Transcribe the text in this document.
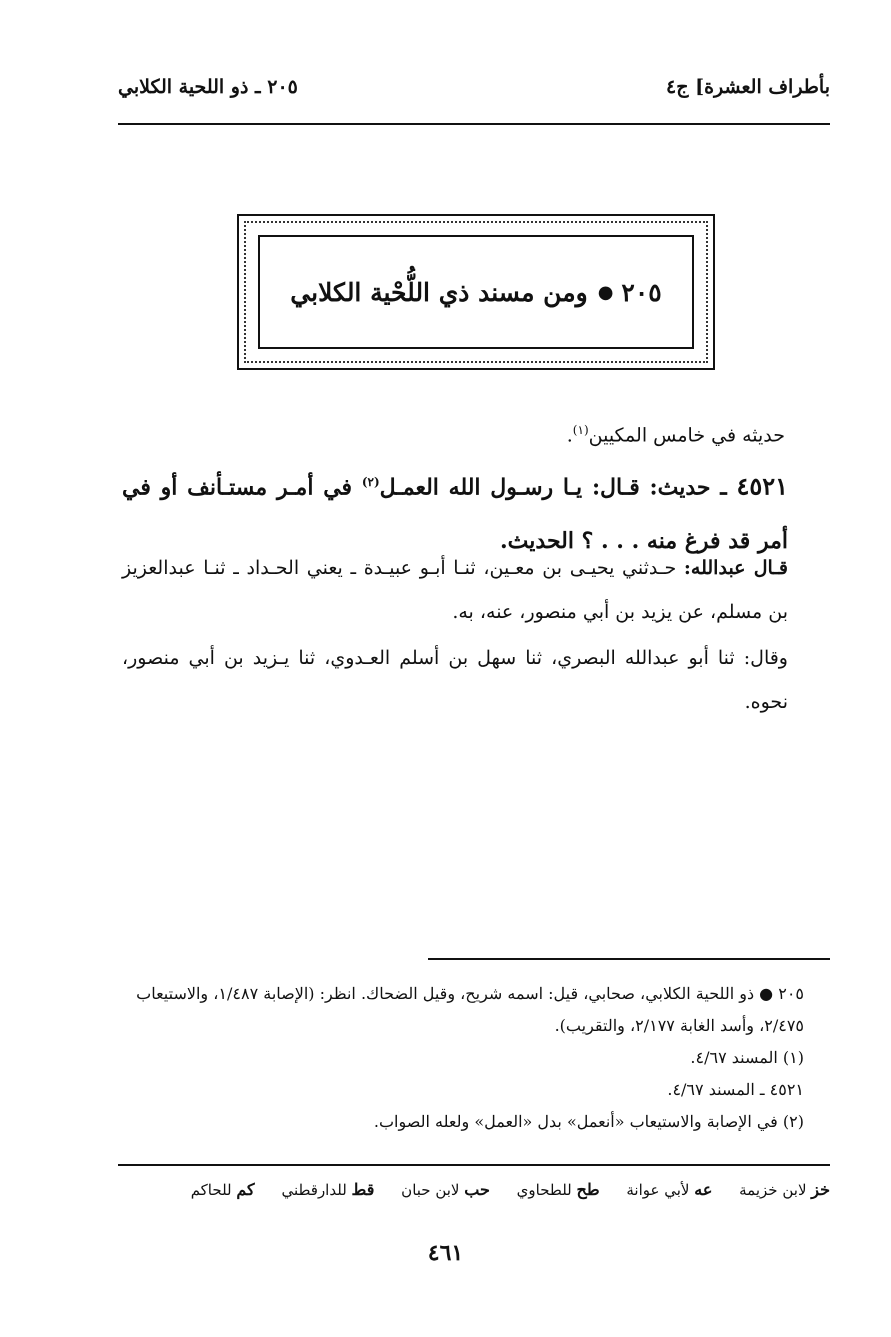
بأطراف العشرة] ج٤
٢٠٥ ـ ذو اللحية الكلابي
٢٠٥
●
ومن مسند ذي اللُّحْية الكلابي
حديثه في خامس المكيين$^{(١)}$.
٤٥٢١ ـ حديث: قـال: يـا رسـول الله العمـل$^{(٢)}$ في أمـر مستـأنف أو في أمر قد فرغ منه . . . ؟ الحديث.
قـال عبدالله: حـدثني يحيـى بن معـين، ثنـا أبـو عبيـدة ـ يعني الحـداد ـ ثنـا عبدالعزيز بن مسلم، عن يزيد بن أبي منصور، عنه، به.
وقال: ثنا أبو عبدالله البصري، ثنا سهل بن أسلم العـدوي، ثنا يـزيد بن أبي منصور، نحوه.

٢٠٥ ● ذو اللحية الكلابي، صحابي، قيل: اسمه شريح، وقيل الضحاك. انظر: (الإصابة ١/٤٨٧، والاستيعاب ٢/٤٧٥، وأسد الغابة ٢/١٧٧، والتقريب).

(١) المسند ٤/٦٧.

٤٥٢١ ـ المسند ٤/٦٧.

(٢) في الإصابة والاستيعاب «أنعمل» بدل «العمل» ولعله الصواب.

خز لابن خزيمة عه لأبي عوانة طح للطحاوي حب لابن حبان قط للدارقطني كم للحاكم
٤٦١
